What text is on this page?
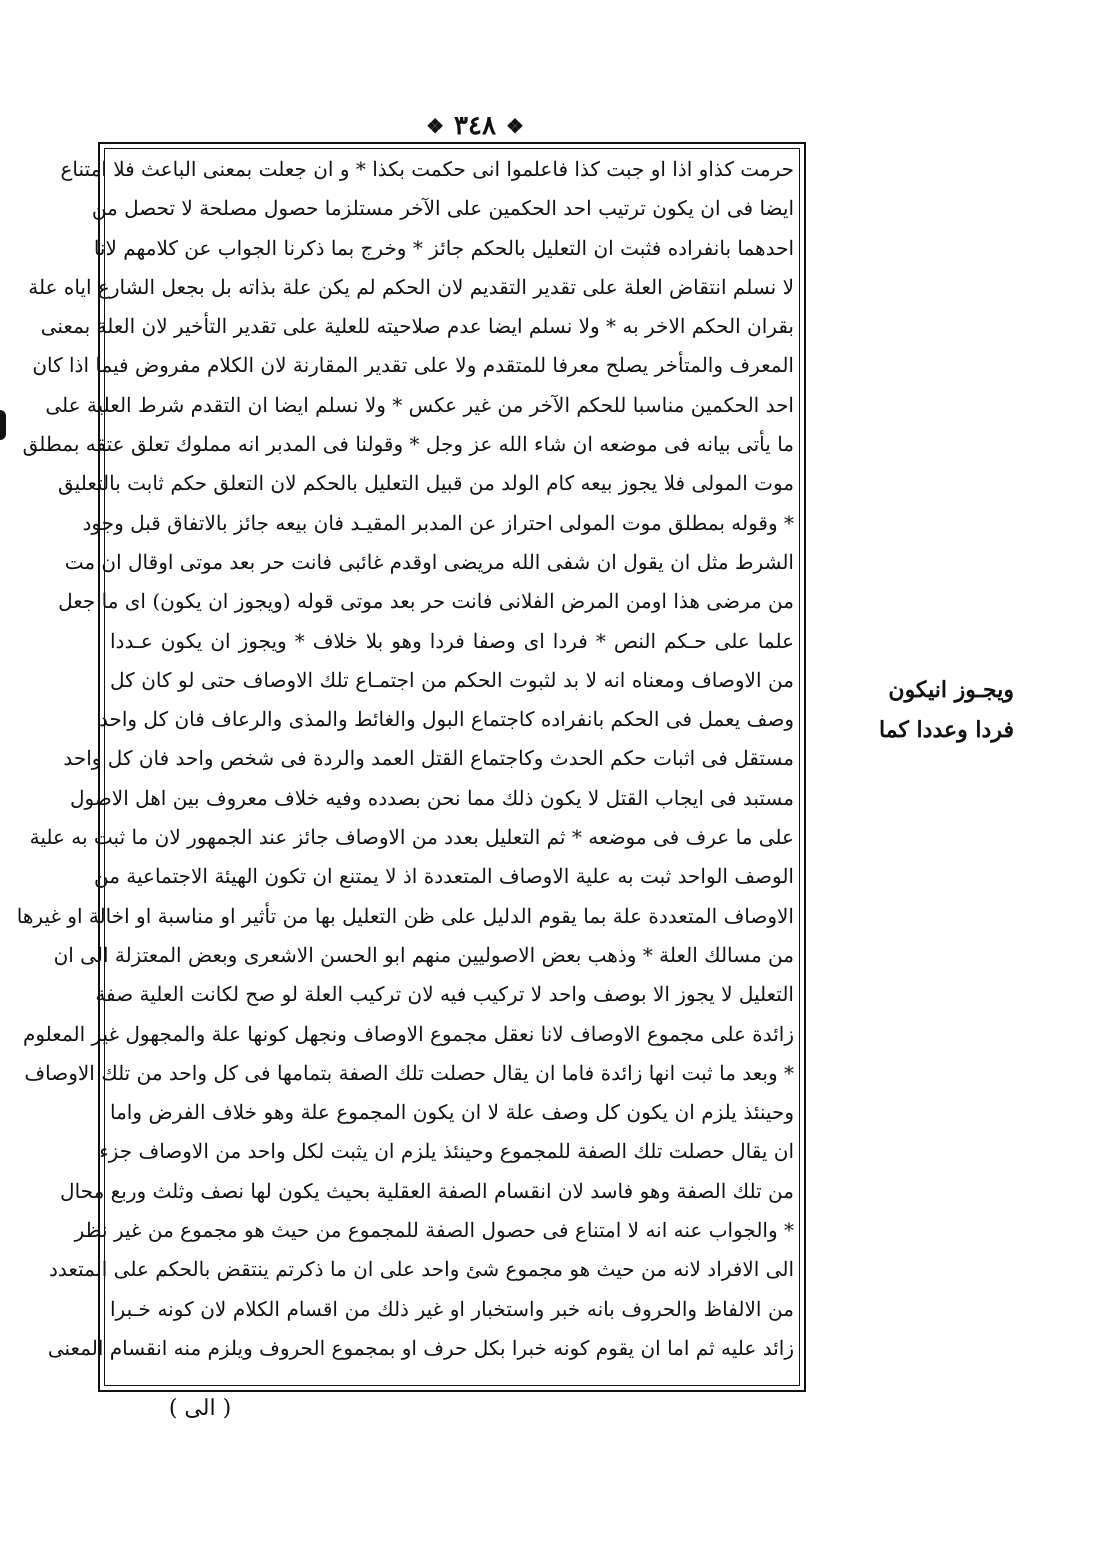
❖ ٣٤٨ ❖
حرمت كذاو اذا او جبت كذا فاعلموا انى حكمت بكذا * و ان جعلت بمعنى الباعث فلا امتناع
ايضا فى ان يكون ترتيب احد الحكمين على الآخر مستلزما حصول مصلحة لا تحصل من
احدهما بانفراده فثبت ان التعليل بالحكم جائز * وخرج بما ذكرنا الجواب عن كلامهم لانا
لا نسلم انتقاض العلة على تقدير التقديم لان الحكم لم يكن علة بذاته بل بجعل الشارع اياه علة
بقران الحكم الاخر به * ولا نسلم ايضا عدم صلاحيته للعلية على تقدير التأخير لان العلة بمعنى
المعرف والمتأخر يصلح معرفا للمتقدم ولا على تقدير المقارنة لان الكلام مفروض فيما اذا كان
احد الحكمين مناسبا للحكم الآخر من غير عكس * ولا نسلم ايضا ان التقدم شرط العلية على
ما يأتى بيانه فى موضعه ان شاء الله عز وجل * وقولنا فى المدبر انه مملوك تعلق عتقه بمطلق
موت المولى فلا يجوز بيعه كام الولد من قبيل التعليل بالحكم لان التعلق حكم ثابت بالتعليق
* وقوله بمطلق موت المولى احتراز عن المدبر المقيـد فان بيعه جائز بالاتفاق قبل وجود
الشرط مثل ان يقول ان شفى الله مريضى اوقدم غائبى فانت حر بعد موتى اوقال ان مت
من مرضى هذا اومن المرض الفلانى فانت حر بعد موتى قوله (ويجوز ان يكون) اى ما جعل
علما على حـكم النص * فردا اى وصفا فردا وهو بلا خلاف * ويجوز ان يكون عـددا
من الاوصاف ومعناه انه لا بد لثبوت الحكم من اجتمـاع تلك الاوصاف حتى لو كان كل
وصف يعمل فى الحكم بانفراده كاجتماع البول والغائط والمذى والرعاف فان كل واحد
مستقل فى اثبات حكم الحدث وكاجتماع القتل العمد والردة فى شخص واحد فان كل واحد
مستبد فى ايجاب القتل لا يكون ذلك مما نحن بصدده وفيه خلاف معروف بين اهل الاصول
على ما عرف فى موضعه * ثم التعليل بعدد من الاوصاف جائز عند الجمهور لان ما ثبت به علية
الوصف الواحد ثبت به علية الاوصاف المتعددة اذ لا يمتنع ان تكون الهيئة الاجتماعية من
الاوصاف المتعددة علة بما يقوم الدليل على ظن التعليل بها من تأثير او مناسبة او اخالة او غيرها
من مسالك العلة * وذهب بعض الاصوليين منهم ابو الحسن الاشعرى وبعض المعتزلة الى ان
التعليل لا يجوز الا بوصف واحد لا تركيب فيه لان تركيب العلة لو صح لكانت العلية صفة
زائدة على مجموع الاوصاف لانا نعقل مجموع الاوصاف ونجهل كونها علة والمجهول غير المعلوم
* وبعد ما ثبت انها زائدة فاما ان يقال حصلت تلك الصفة بتمامها فى كل واحد من تلك الاوصاف
وحينئذ يلزم ان يكون كل وصف علة لا ان يكون المجموع علة وهو خلاف الفرض واما
ان يقال حصلت تلك الصفة للمجموع وحينئذ يلزم ان يثبت لكل واحد من الاوصاف جزء
من تلك الصفة وهو فاسد لان انقسام الصفة العقلية بحيث يكون لها نصف وثلث وربع محال
* والجواب عنه انه لا امتناع فى حصول الصفة للمجموع من حيث هو مجموع من غير نظر
الى الافراد لانه من حيث هو مجموع شئ واحد على ان ما ذكرتم ينتقض بالحكم على المتعدد
من الالفاظ والحروف بانه خبر واستخبار او غير ذلك من اقسام الكلام لان كونه خـبرا
زائد عليه ثم اما ان يقوم كونه خبرا بكل حرف او بمجموع الحروف ويلزم منه انقسام المعنى
ويجـوز انيكون
فردا وعددا كما
( الى )
